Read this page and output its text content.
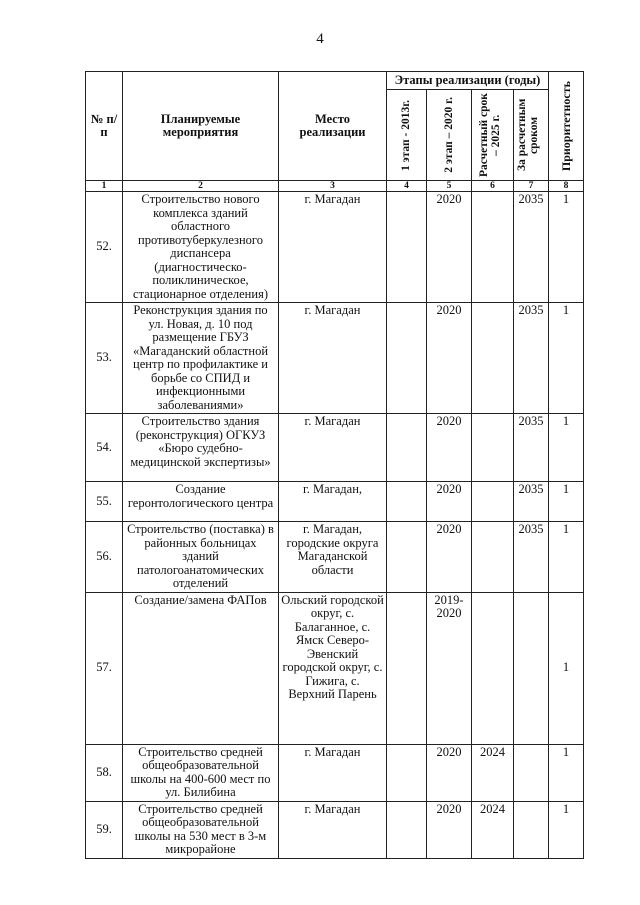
4
№ п/п	Планируемые мероприятия	Место реализации	Этапы реализации (годы)				Приоритетность

			1 этап - 2013г.	2 этап – 2020 г.	Расчетный срок – 2025 г.	За расчетным сроком	

1	2	3	4	5	6	7	8
52.	Строительство нового комплекса зданий областного противотуберкулезного диспансера (диагностическо-поликлиническое, стационарное отделения)	г. Магадан		2020		2035	1
53.	Реконструкция здания по ул. Новая, д. 10 под размещение ГБУЗ «Магаданский областной центр по профилактике и борьбе со СПИД и инфекционными заболеваниями»	г. Магадан		2020		2035	1
54.	Строительство здания (реконструкция) ОГКУЗ «Бюро судебно-медицинской экспертизы»	г. Магадан		2020		2035	1
55.	Создание геронтологического центра	г. Магадан,		2020		2035	1
56.	Строительство (поставка) в районных больницах зданий патологоанатомических отделений	г. Магадан, городские округа Магаданской области		2020		2035	1
57.	Создание/замена ФАПов	Ольский городской округ, с. Балаганное, с. Ямск Северо-Эвенский городской округ, с. Гижига, с. Верхний Парень		2019-2020			1
58.	Строительство средней общеобразовательной школы на 400-600 мест по ул. Билибина	г. Магадан		2020	2024		1
59.	Строительство средней общеобразовательной школы на 530 мест в 3-м микрорайоне	г. Магадан		2020	2024		1
